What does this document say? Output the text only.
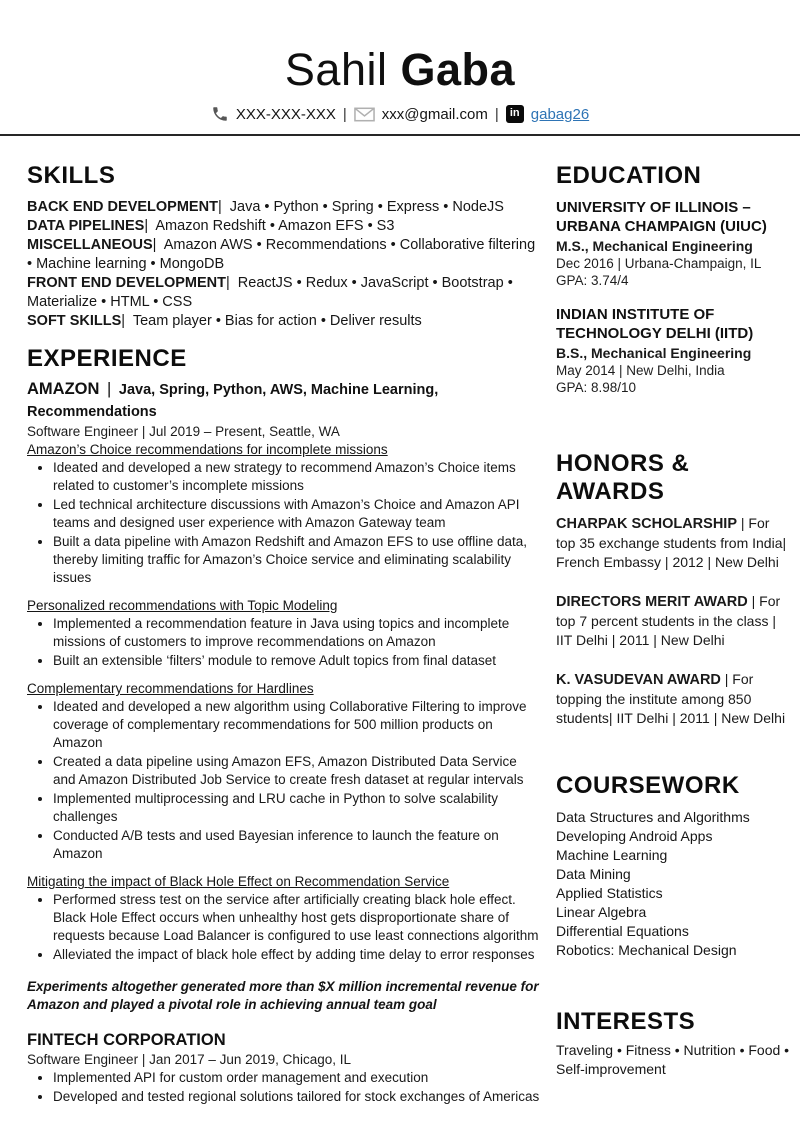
Sahil Gaba
XXX-XXX-XXX | xxx@gmail.com |	in gabag26
SKILLS
BACK END DEVELOPMENT| Java • Python • Spring • Express • NodeJS
DATA PIPELINES| Amazon Redshift • Amazon EFS • S3
MISCELLANEOUS| Amazon AWS • Recommendations • Collaborative filtering • Machine learning • MongoDB
FRONT END DEVELOPMENT| ReactJS • Redux • JavaScript • Bootstrap • Materialize • HTML • CSS
SOFT SKILLS| Team player • Bias for action • Deliver results
EXPERIENCE
AMAZON | Java, Spring, Python, AWS, Machine Learning, Recommendations
Software Engineer | Jul 2019 – Present, Seattle, WA
Amazon’s Choice recommendations for incomplete missions
• Ideated and developed a new strategy to recommend Amazon’s Choice items related to customer’s incomplete missions
• Led technical architecture discussions with Amazon’s Choice and Amazon API teams and designed user experience with Amazon Gateway team
• Built a data pipeline with Amazon Redshift and Amazon EFS to use offline data, thereby limiting traffic for Amazon’s Choice service and eliminating scalability issues
Personalized recommendations with Topic Modeling
• Implemented a recommendation feature in Java using topics and incomplete missions of customers to improve recommendations on Amazon
• Built an extensible ‘filters’ module to remove Adult topics from final dataset
Complementary recommendations for Hardlines
• Ideated and developed a new algorithm using Collaborative Filtering to improve coverage of complementary recommendations for 500 million products on Amazon
• Created a data pipeline using Amazon EFS, Amazon Distributed Data Service and Amazon Distributed Job Service to create fresh dataset at regular intervals
• Implemented multiprocessing and LRU cache in Python to solve scalability challenges
• Conducted A/B tests and used Bayesian inference to launch the feature on Amazon
Mitigating the impact of Black Hole Effect on Recommendation Service
• Performed stress test on the service after artificially creating black hole effect. Black Hole Effect occurs when unhealthy host gets disproportionate share of requests because Load Balancer is configured to use least connections algorithm
• Alleviated the impact of black hole effect by adding time delay to error responses
Experiments altogether generated more than $X million incremental revenue for Amazon and played a pivotal role in achieving annual team goal
FINTECH CORPORATION
Software Engineer | Jan 2017 – Jun 2019, Chicago, IL
• Implemented API for custom order management and execution
• Developed and tested regional solutions tailored for stock exchanges of Americas
EDUCATION
UNIVERSITY OF ILLINOIS – URBANA CHAMPAIGN (UIUC)
M.S., Mechanical Engineering
Dec 2016 | Urbana-Champaign, IL
GPA: 3.74/4
INDIAN INSTITUTE OF TECHNOLOGY DELHI (IITD)
B.S., Mechanical Engineering
May 2014 | New Delhi, India
GPA: 8.98/10
HONORS & AWARDS
CHARPAK SCHOLARSHIP | For top 35 exchange students from India| French Embassy | 2012 | New Delhi
DIRECTORS MERIT AWARD | For top 7 percent students in the class | IIT Delhi | 2011 | New Delhi
K. VASUDEVAN AWARD | For topping the institute among 850 students| IIT Delhi | 2011 | New Delhi
COURSEWORK
Data Structures and Algorithms
Developing Android Apps
Machine Learning
Data Mining
Applied Statistics
Linear Algebra
Differential Equations
Robotics: Mechanical Design
INTERESTS
Traveling • Fitness • Nutrition • Food • Self-improvement
